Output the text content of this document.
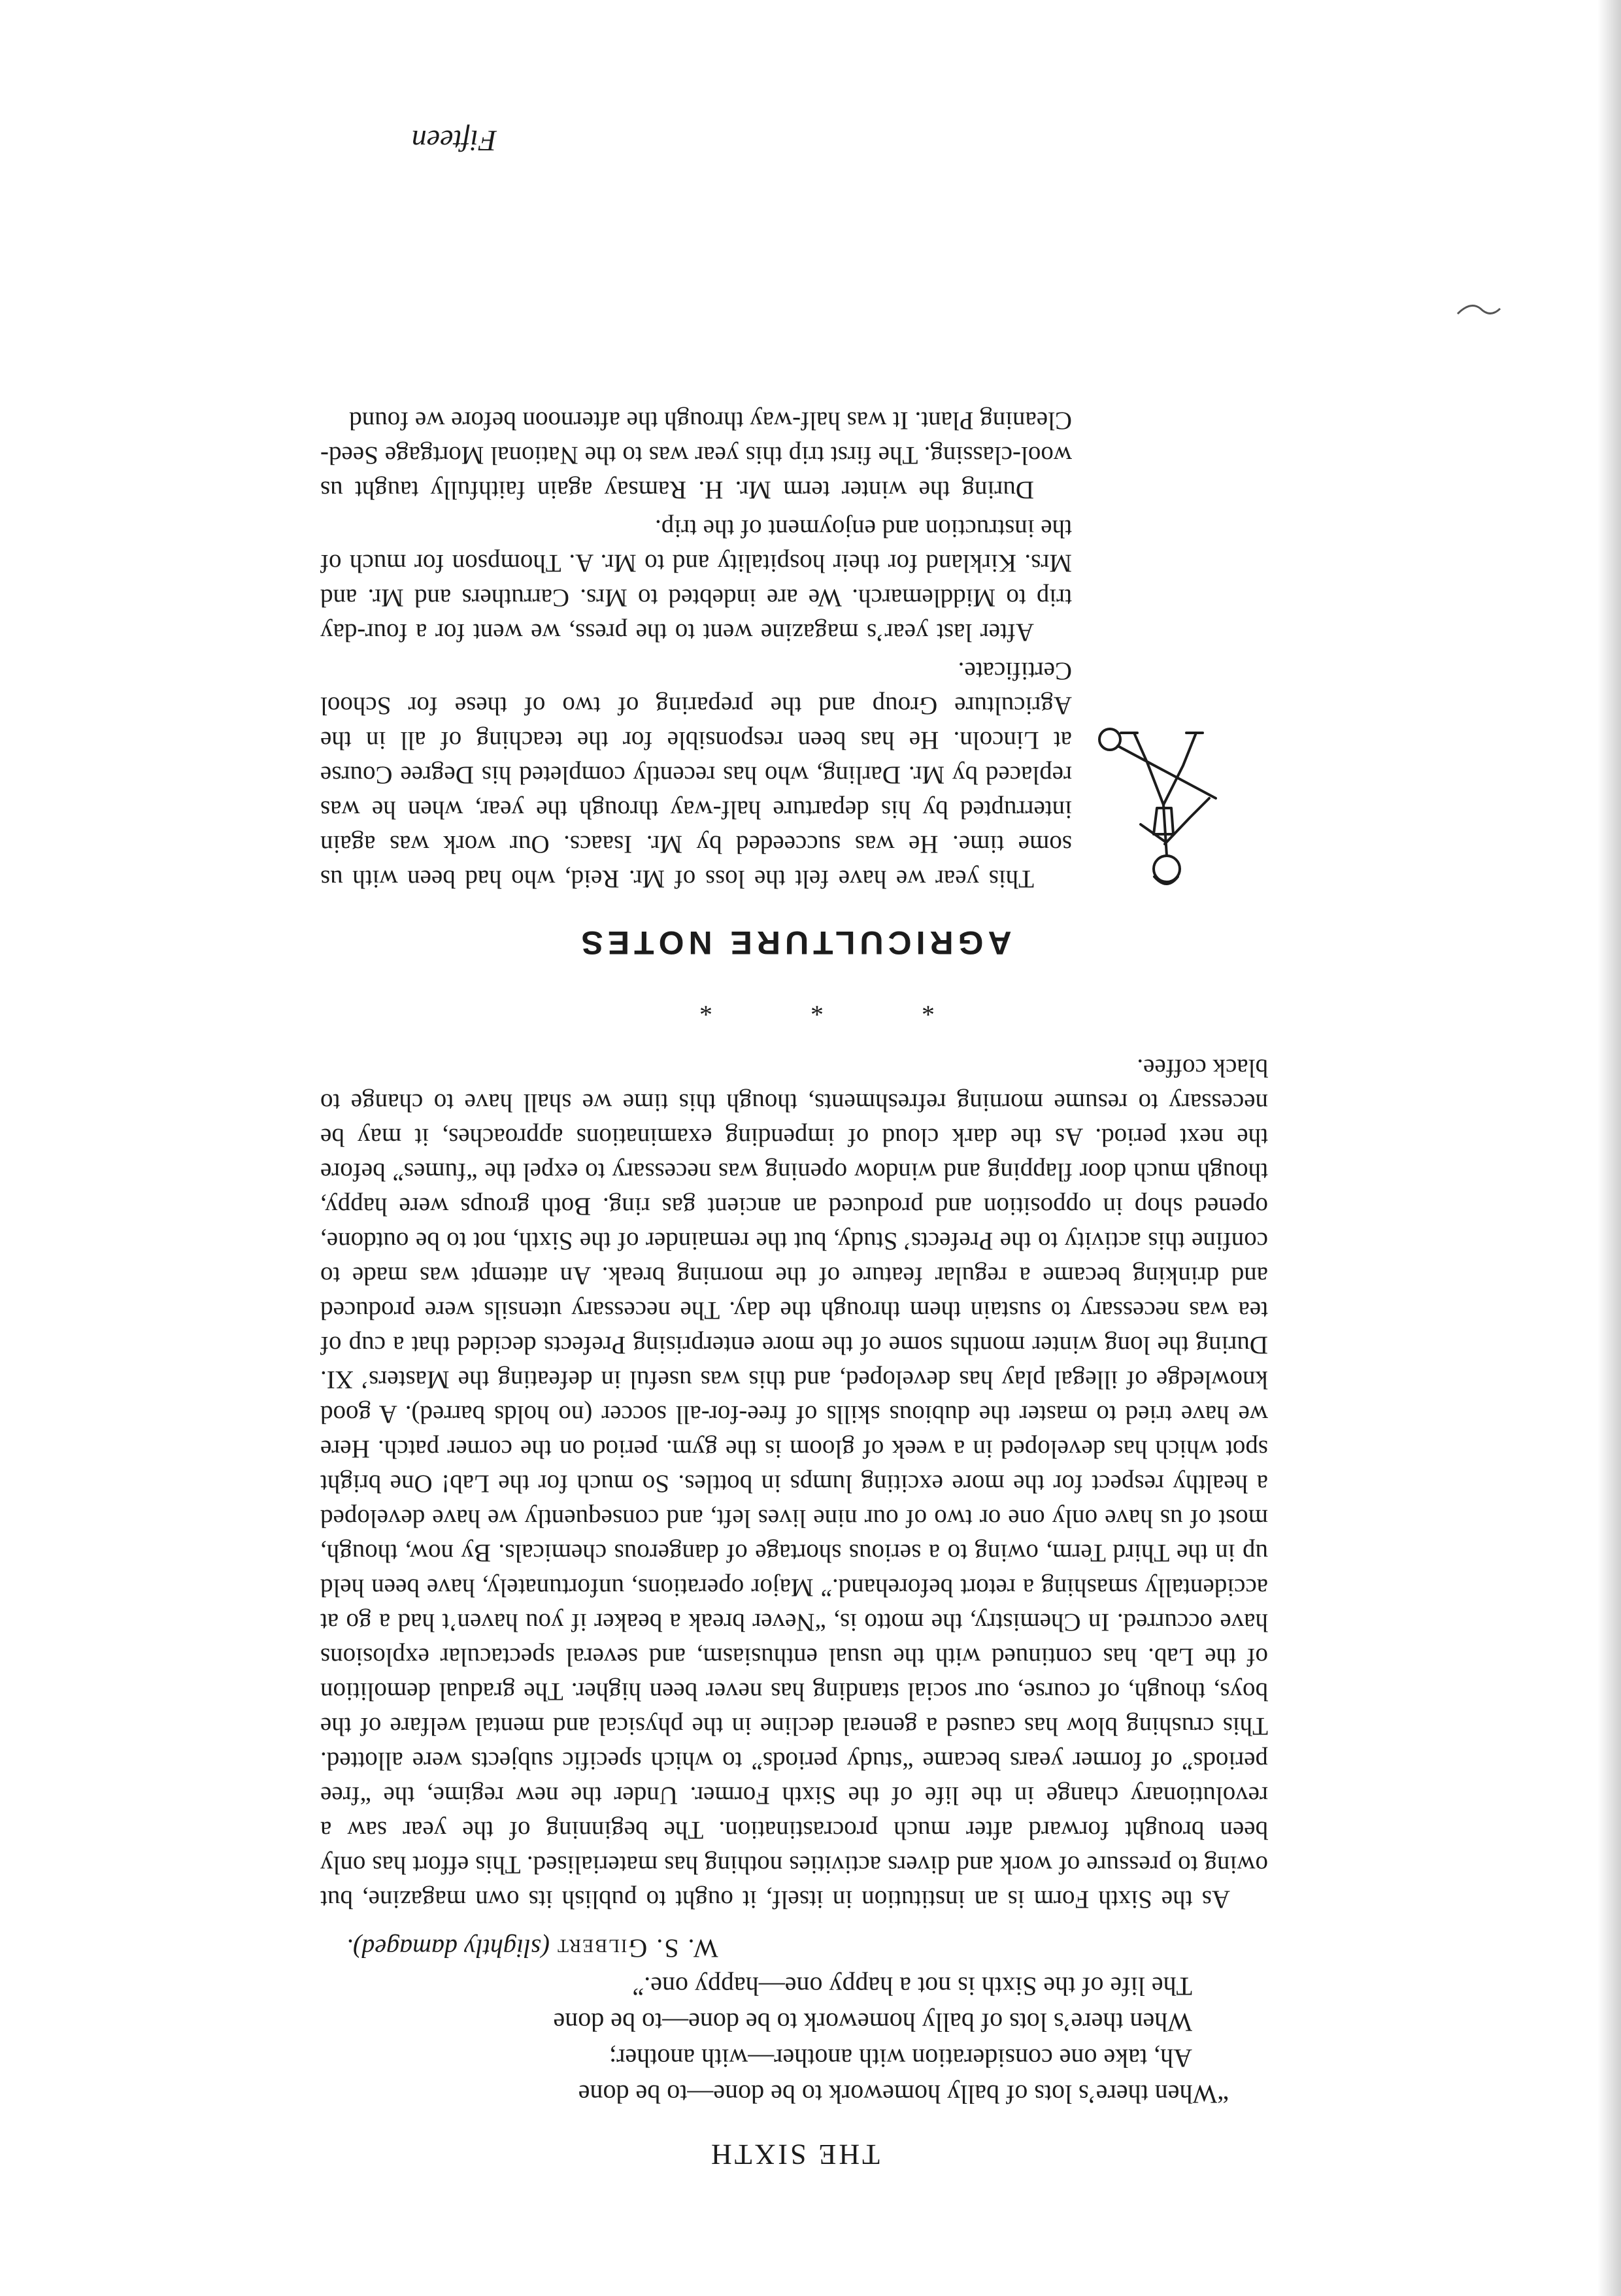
THE SIXTH
“When there’s lots of bally homework to be done—to be done
Ah, take one consideration with another—with another;
When there’s lots of bally homework to be done—to be done
The life of the Sixth is not a happy one—happy one.”
W. S. Gilbert (slightly damaged).

As the Sixth Form is an institution in itself, it ought to publish its own magazine, but owing to pressure of work and divers activities nothing has materialised. This effort has only been brought forward after much procrastination. The beginning of the year saw a revolutionary change in the life of the Sixth Former. Under the new regime, the “free periods” of former years became “study periods” to which specific subjects were allotted. This crushing blow has caused a general decline in the physical and mental welfare of the boys, though, of course, our social standing has never been higher. The gradual demolition of the Lab. has continued with the usual enthusiasm, and several spectacular explosions have occurred. In Chemistry, the motto is, “Never break a beaker if you haven’t had a go at accidentally smashing a retort beforehand.” Major operations, unfortunately, have been held up in the Third Term, owing to a serious shortage of dangerous chemicals. By now, though, most of us have only one or two of our nine lives left, and consequently we have developed a healthy respect for the more exciting lumps in bottles. So much for the Lab! One bright spot which has developed in a week of gloom is the gym. period on the corner patch. Here we have tried to master the dubious skills of free-for-all soccer (no holds barred). A good knowledge of illegal play has developed, and this was useful in defeating the Masters’ XI. During the long winter months some of the more enterprising Prefects decided that a cup of tea was necessary to sustain them through the day. The necessary utensils were produced and drinking became a regular feature of the morning break. An attempt was made to confine this activity to the Prefects’ Study, but the remainder of the Sixth, not to be outdone, opened shop in opposition and produced an ancient gas ring. Both groups were happy, though much door flapping and window opening was necessary to expel the “fumes” before the next period. As the dark cloud of impending examinations approaches, it may be necessary to resume morning refreshments, though this time we shall have to change to black coffee.

* * *
AGRICULTURE NOTES

This year we have felt the loss of Mr. Reid, who had been with us some time. He was succeeded by Mr. Isaacs. Our work was again interrupted by his departure half-way through the year, when he was replaced by Mr. Darling, who has recently completed his Degree Course at Lincoln. He has been responsible for the teaching of all in the Agriculture Group and the preparing of two of these for School Certificate.

After last year’s magazine went to the press, we went for a four-day trip to Middlemarch. We are indebted to Mrs. Carruthers and Mr. and Mrs. Kirkland for their hospitality and to Mr. A. Thompson for much of the instruction and enjoyment of the trip.

During the winter term Mr. H. Ramsay again faithfully taught us wool-classing. The first trip this year was to the National Mortgage Seed-Cleaning Plant. It was half-way through the afternoon before we found

Fifteen
